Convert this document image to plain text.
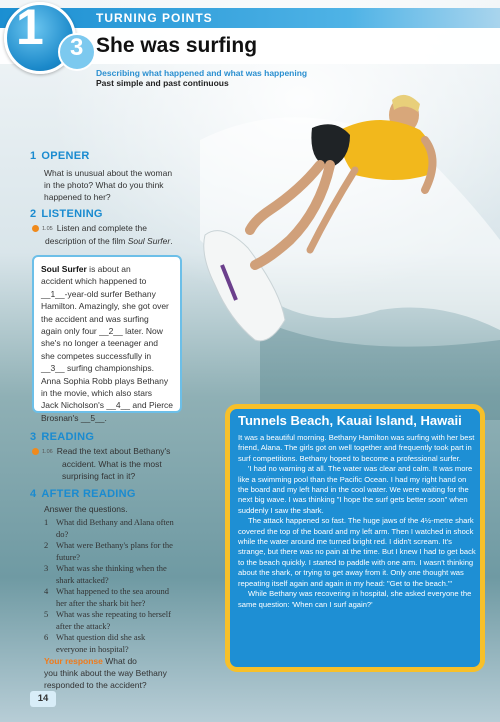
1 3
TURNING POINTS
She was surfing
Describing what happened and what was happening
Past simple and past continuous
1 OPENER
What is unusual about the woman
in the photo? What do you think
happened to her?
2 LISTENING
1.05 Listen and complete the
description of the film Soul Surfer.
Soul Surfer is about an
accident which happened to
__1__-year-old surfer Bethany
Hamilton. Amazingly, she got over
the accident and was surfing
again only four __2__ later. Now
she's no longer a teenager and
she competes successfully in
__3__ surfing championships.
Anna Sophia Robb plays Bethany
in the movie, which also stars
Jack Nicholson's __4__ and Pierce
Brosnan's __5__.
3 READING
1.06 Read the text about Bethany's
accident. What is the most
surprising fact in it?
4 AFTER READING
Answer the questions.
1 What did Bethany and Alana often
do?
2 What were Bethany's plans for the
future?
3 What was she thinking when the
shark attacked?
4 What happened to the sea around
her after the shark bit her?
5 What was she repeating to herself
after the attack?
6 What question did she ask
everyone in hospital?
Your response What do
you think about the way Bethany
responded to the accident?
14
Tunnels Beach, Kauai Island, Hawaii

It was a beautiful morning. Bethany Hamilton was surfing with her best friend, Alana. The girls got on well together and frequently took part in surf competitions. Bethany hoped to become a professional surfer.

'I had no warning at all. The water was clear and calm. It was more like a swimming pool than the Pacific Ocean. I had my right hand on the board and my left hand in the cool water. We were waiting for the next big wave. I was thinking "I hope the surf gets better soon" when suddenly I saw the shark.

The attack happened so fast. The huge jaws of the 4½-metre shark covered the top of the board and my left arm. Then I watched in shock while the water around me turned bright red. I didn't scream. It's strange, but there was no pain at the time. But I knew I had to get back to the beach quickly. I started to paddle with one arm. I wasn't thinking about the shark, or trying to get away from it. Only one thought was repeating itself again and again in my head: "Get to the beach."'

While Bethany was recovering in hospital, she asked everyone the same question: 'When can I surf again?'
